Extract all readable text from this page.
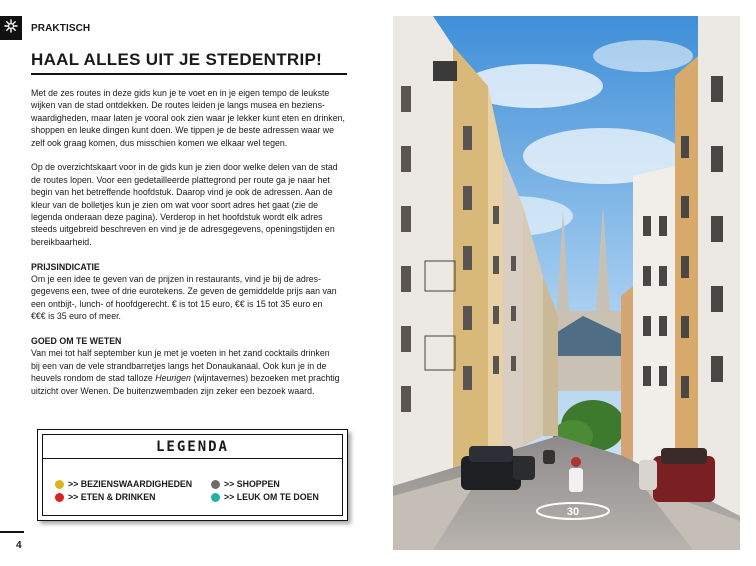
PRAKTISCH
HAAL ALLES UIT JE STEDENTRIP!

Met de zes routes in deze gids kun je te voet en in je eigen tempo de leukste
wijken van de stad ontdekken. De routes leiden je langs musea en beziens-
waardigheden, maar laten je vooral ook zien waar je lekker kunt eten en drinken,
shoppen en leuke dingen kunt doen. We tippen je de beste adressen waar we
zelf ook graag komen, dus misschien komen we elkaar wel tegen.

Op de overzichtskaart voor in de gids kun je zien door welke delen van de stad
de routes lopen. Voor een gedetailleerde plattegrond per route ga je naar het
begin van het betreffende hoofdstuk. Daarop vind je ook de adressen. Aan de
kleur van de bolletjes kun je zien om wat voor soort adres het gaat (zie de
legenda onderaan deze pagina). Verderop in het hoofdstuk wordt elk adres
steeds uitgebreid beschreven en vind je de adresgegevens, openingstijden en
bereikbaarheid.

PRIJSINDICATIE
Om je een idee te geven van de prijzen in restaurants, vind je bij de adres-
gegevens een, twee of drie eurotekens. Ze geven de gemiddelde prijs aan van
een ontbijt-, lunch- of hoofdgerecht. € is tot 15 euro, €€ is 15 tot 35 euro en
€€€ is 35 euro of meer.

GOED OM TE WETEN
Van mei tot half september kun je met je voeten in het zand cocktails drinken
bij een van de vele strandbarretjes langs het Donaukanaal. Ook kun je in de
heuvels rondom de stad talloze Heurigen (wijntavernes) bezoeken met prachtig
uitzicht over Wenen. De buitenzwembaden zijn zeker een bezoek waard.

LEGENDA
>> BEZIENSWAARDIGHEDEN
>> ETEN & DRINKEN
>> SHOPPEN
>> LEUK OM TE DOEN
4
30
